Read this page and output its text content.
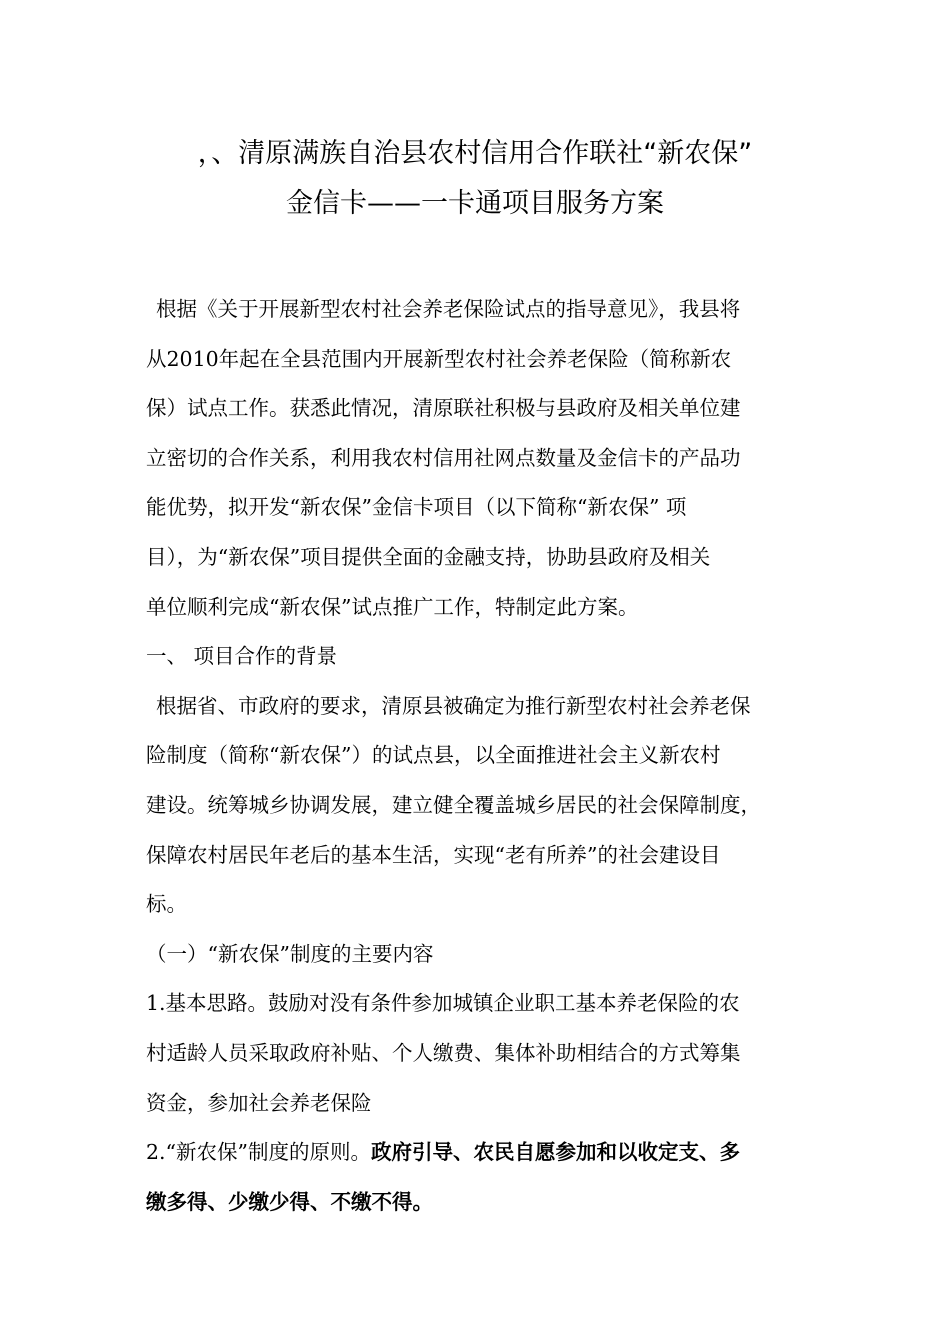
，、清原满族自治县农村信用合作联社“新农保”
金信卡——一卡通项目服务方案
根据《关于开展新型农村社会养老保险试点的指导意见》，我县将
从2010年起在全县范围内开展新型农村社会养老保险（简称新农
保）试点工作。获悉此情况，清原联社积极与县政府及相关单位建
立密切的合作关系，利用我农村信用社网点数量及金信卡的产品功
能优势，拟开发“新农保”金信卡项目（以下简称“新农保” 项
目），为“新农保”项目提供全面的金融支持，协助县政府及相关
单位顺利完成“新农保”试点推广工作，特制定此方案。
一、 项目合作的背景
根据省、市政府的要求，清原县被确定为推行新型农村社会养老保
险制度（简称“新农保”）的试点县，以全面推进社会主义新农村
建设。统筹城乡协调发展，建立健全覆盖城乡居民的社会保障制度，
保障农村居民年老后的基本生活，实现“老有所养”的社会建设目
标。
（一）“新农保”制度的主要内容
1.基本思路。鼓励对没有条件参加城镇企业职工基本养老保险的农
村适龄人员采取政府补贴、个人缴费、集体补助相结合的方式筹集
资金，参加社会养老保险
2.“新农保”制度的原则。政府引导、农民自愿参加和以收定支、多
缴多得、少缴少得、不缴不得。
